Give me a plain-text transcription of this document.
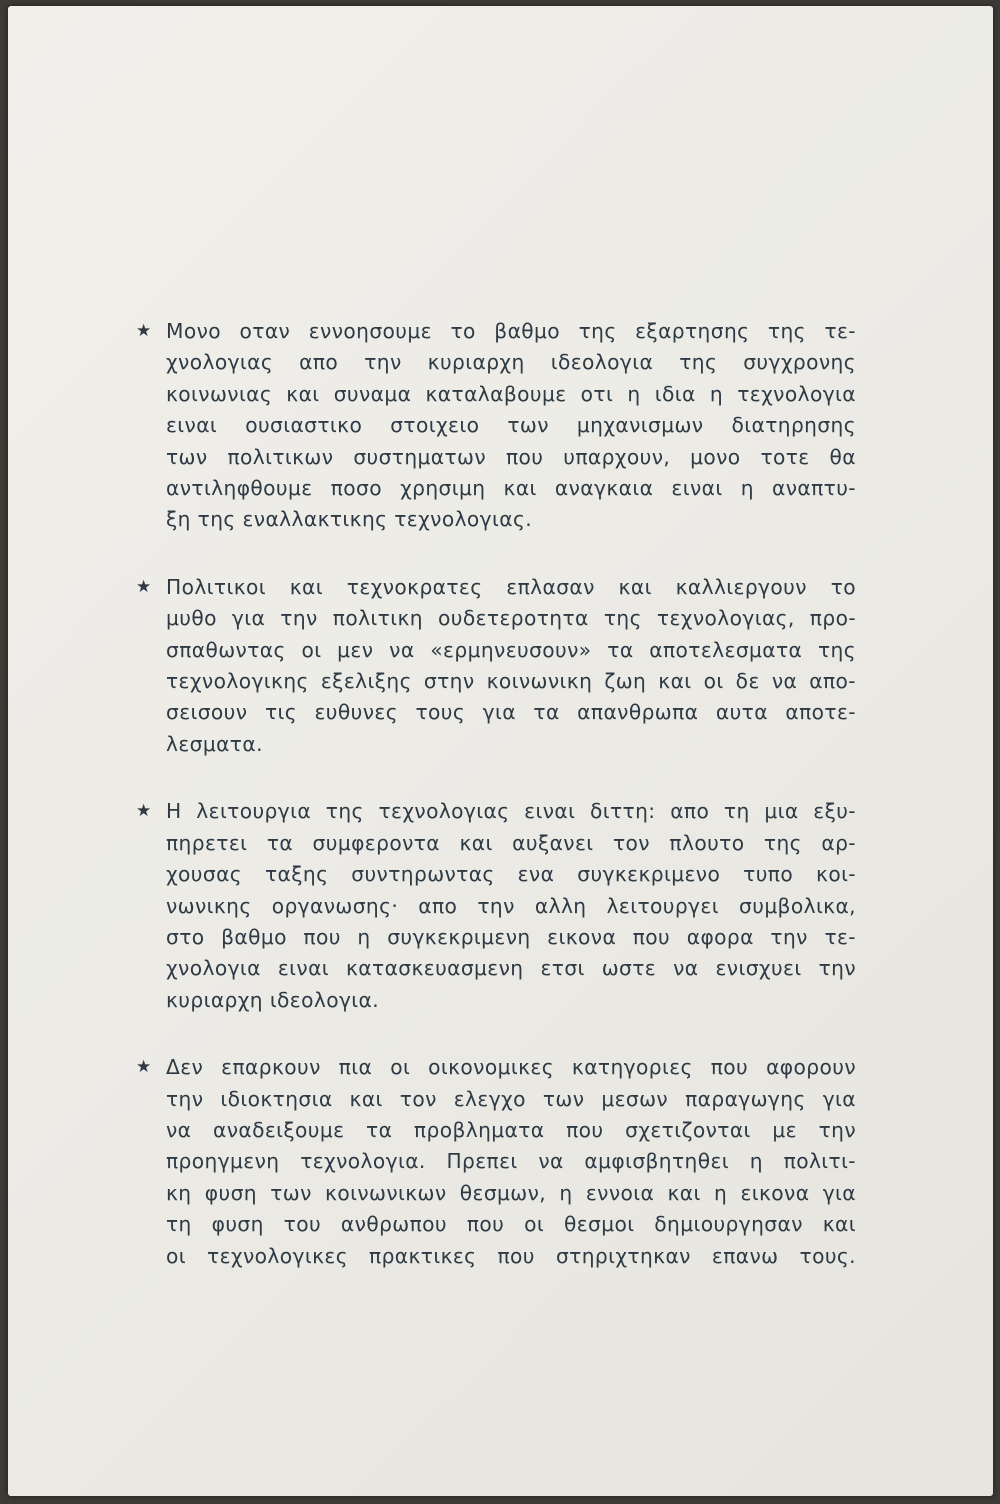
★ Μονο οταν εννοησουμε το βαθμο της εξαρτησης της τε-
χνολογιας απο την κυριαρχη ιδεολογια της συγχρονης
κοινωνιας και συναμα καταλαβουμε οτι η ιδια η τεχνολογια
ειναι ουσιαστικο στοιχειο των μηχανισμων διατηρησης
των πολιτικων συστηματων που υπαρχουν, μονο τοτε θα
αντιληφθουμε ποσο χρησιμη και αναγκαια ειναι η αναπτυ-
ξη της εναλλακτικης τεχνολογιας.
★ Πολιτικοι και τεχνοκρατες επλασαν και καλλιεργουν το
μυθο για την πολιτικη ουδετεροτητα της τεχνολογιας, προ-
σπαθωντας οι μεν να «ερμηνευσουν» τα αποτελεσματα της
τεχνολογικης εξελιξης στην κοινωνικη ζωη και οι δε να απο-
σεισουν τις ευθυνες τους για τα απανθρωπα αυτα αποτε-
λεσματα.
★ Η λειτουργια της τεχνολογιας ειναι διττη: απο τη μια εξυ-
πηρετει τα συμφεροντα και αυξανει τον πλουτο της αρ-
χουσας ταξης συντηρωντας ενα συγκεκριμενο τυπο κοι-
νωνικης οργανωσης· απο την αλλη λειτουργει συμβολικα,
στο βαθμο που η συγκεκριμενη εικονα που αφορα την τε-
χνολογια ειναι κατασκευασμενη ετσι ωστε να ενισχυει την
κυριαρχη ιδεολογια.
★ Δεν επαρκουν πια οι οικονομικες κατηγοριες που αφορουν
την ιδιοκτησια και τον ελεγχο των μεσων παραγωγης για
να αναδειξουμε τα προβληματα που σχετιζονται με την
προηγμενη τεχνολογια. Πρεπει να αμφισβητηθει η πολιτι-
κη φυση των κοινωνικων θεσμων, η εννοια και η εικονα για
τη φυση του ανθρωπου που οι θεσμοι δημιουργησαν και
οι τεχνολογικες πρακτικες που στηριχτηκαν επανω τους.
